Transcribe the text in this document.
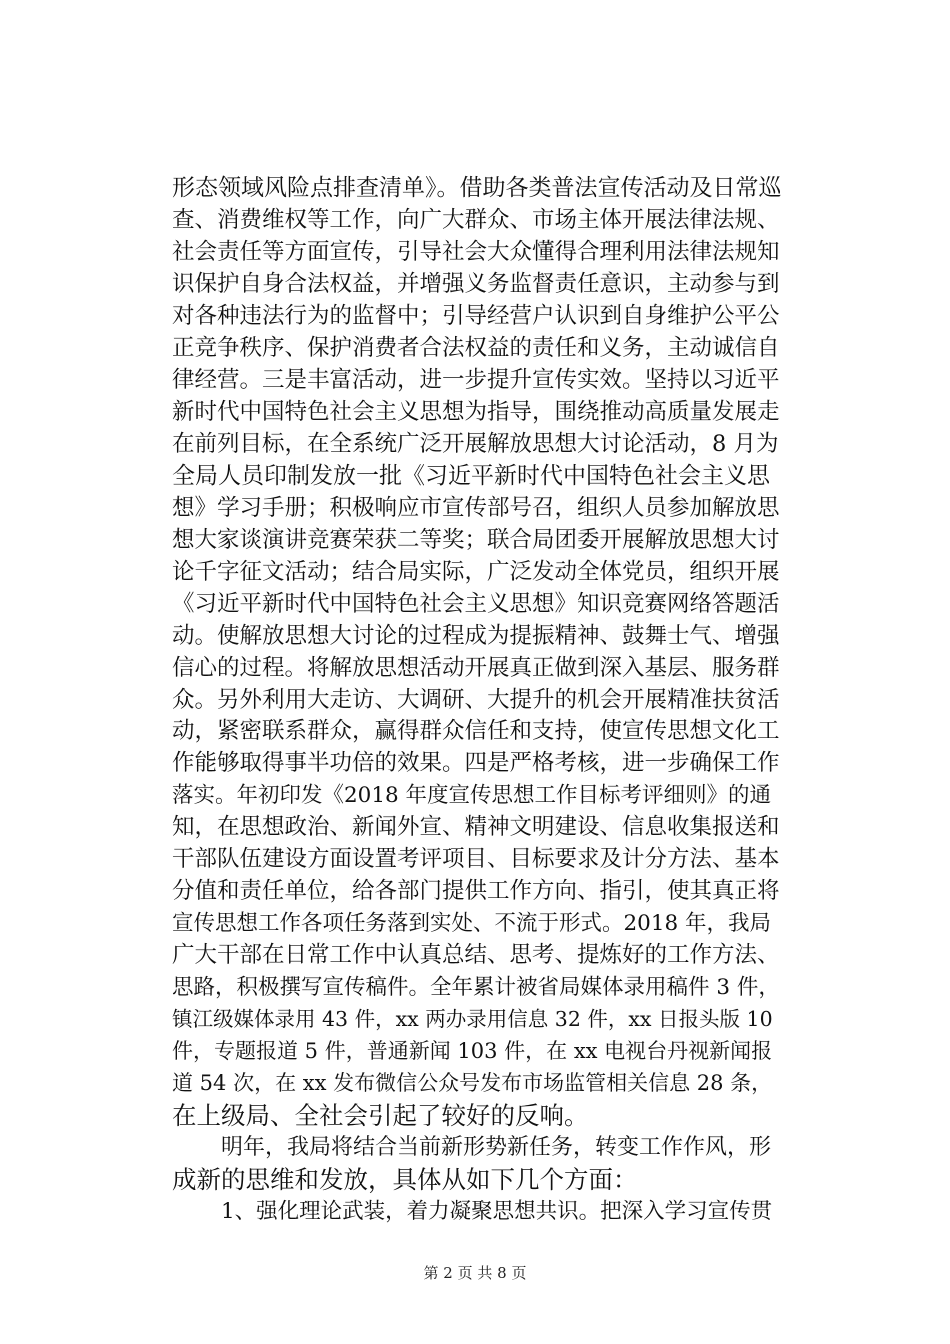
形态领域风险点排查清单》。借助各类普法宣传活动及日常巡
查、消费维权等工作，向广大群众、市场主体开展法律法规、
社会责任等方面宣传，引导社会大众懂得合理利用法律法规知
识保护自身合法权益，并增强义务监督责任意识，主动参与到
对各种违法行为的监督中；引导经营户认识到自身维护公平公
正竞争秩序、保护消费者合法权益的责任和义务，主动诚信自
律经营。三是丰富活动，进一步提升宣传实效。坚持以习近平
新时代中国特色社会主义思想为指导，围绕推动高质量发展走
在前列目标，在全系统广泛开展解放思想大讨论活动，8 月为
全局人员印制发放一批《习近平新时代中国特色社会主义思
想》学习手册；积极响应市宣传部号召，组织人员参加解放思
想大家谈演讲竞赛荣获二等奖；联合局团委开展解放思想大讨
论千字征文活动；结合局实际，广泛发动全体党员，组织开展
《习近平新时代中国特色社会主义思想》知识竞赛网络答题活
动。使解放思想大讨论的过程成为提振精神、鼓舞士气、增强
信心的过程。将解放思想活动开展真正做到深入基层、服务群
众。另外利用大走访、大调研、大提升的机会开展精准扶贫活
动，紧密联系群众，赢得群众信任和支持，使宣传思想文化工
作能够取得事半功倍的效果。四是严格考核，进一步确保工作
落实。年初印发《2018 年度宣传思想工作目标考评细则》的通
知，在思想政治、新闻外宣、精神文明建设、信息收集报送和
干部队伍建设方面设置考评项目、目标要求及计分方法、基本
分值和责任单位，给各部门提供工作方向、指引，使其真正将
宣传思想工作各项任务落到实处、不流于形式。2018 年，我局
广大干部在日常工作中认真总结、思考、提炼好的工作方法、
思路，积极撰写宣传稿件。全年累计被省局媒体录用稿件 3 件，
镇江级媒体录用 43 件，xx 两办录用信息 32 件，xx 日报头版 10
件，专题报道 5 件，普通新闻 103 件，在 xx 电视台丹视新闻报
道 54 次，在 xx 发布微信公众号发布市场监管相关信息 28 条，
在上级局、全社会引起了较好的反响。
明年，我局将结合当前新形势新任务，转变工作作风，形
成新的思维和发放，具体从如下几个方面：
1、强化理论武装，着力凝聚思想共识。把深入学习宣传贯
第 2 页 共 8 页
